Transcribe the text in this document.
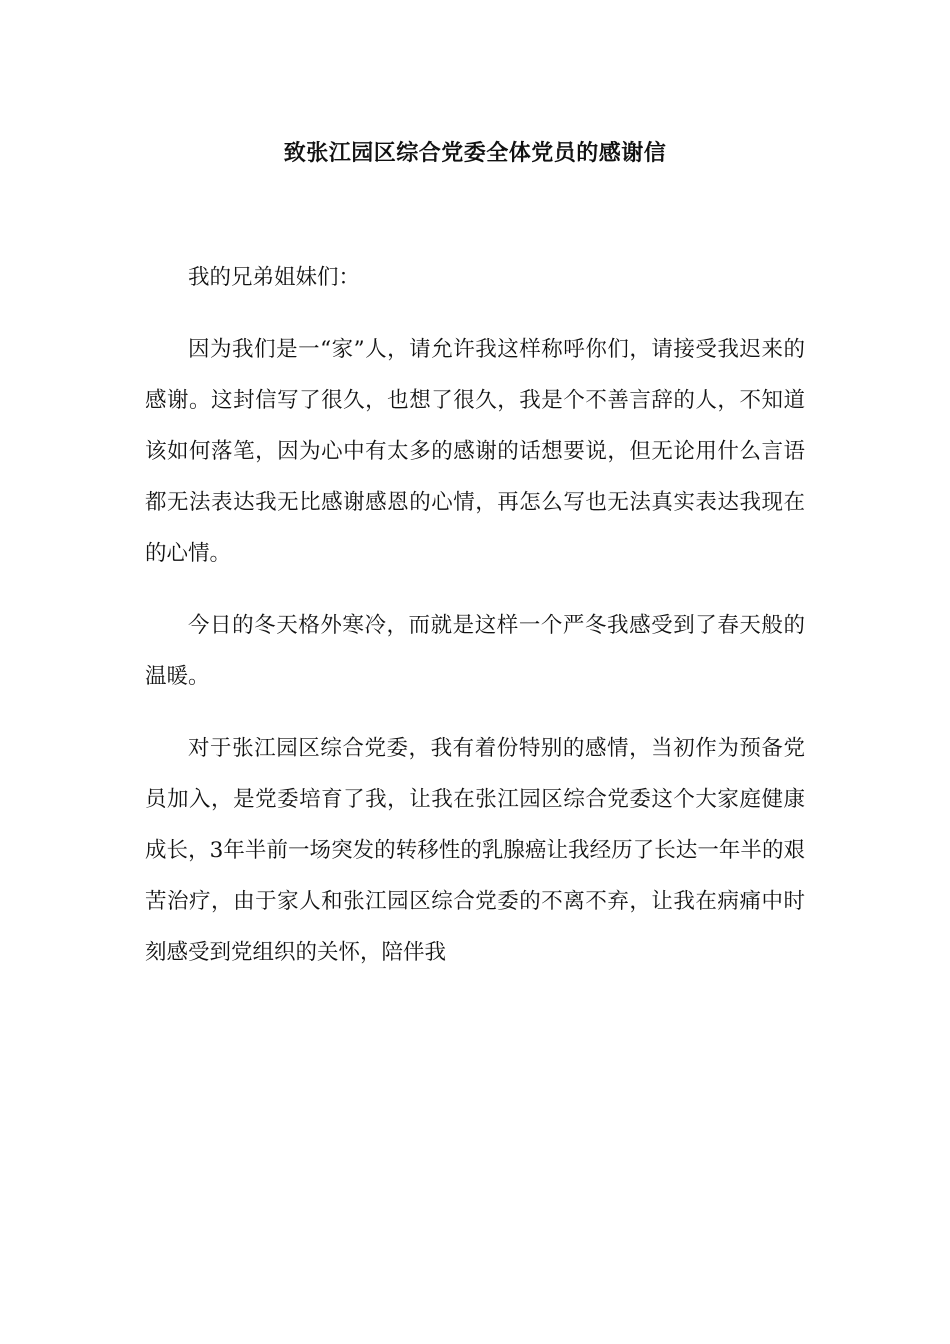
致张江园区综合党委全体党员的感谢信

我的兄弟姐妹们：

因为我们是一“家”人，请允许我这样称呼你们，请接受我迟来的感谢。这封信写了很久，也想了很久，我是个不善言辞的人，不知道该如何落笔，因为心中有太多的感谢的话想要说，但无论用什么言语都无法表达我无比感谢感恩的心情，再怎么写也无法真实表达我现在的心情。

今日的冬天格外寒冷，而就是这样一个严冬我感受到了春天般的温暖。

对于张江园区综合党委，我有着份特别的感情，当初作为预备党员加入，是党委培育了我，让我在张江园区综合党委这个大家庭健康成长，3年半前一场突发的转移性的乳腺癌让我经历了长达一年半的艰苦治疗，由于家人和张江园区综合党委的不离不弃，让我在病痛中时刻感受到党组织的关怀，陪伴我
